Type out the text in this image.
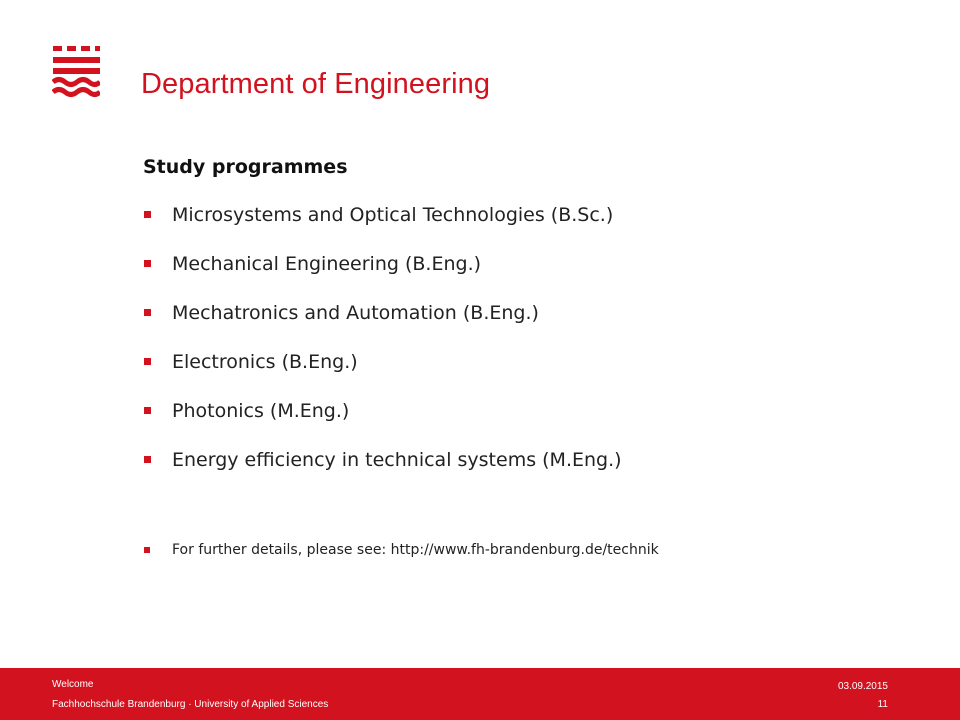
Department of Engineering
Study programmes
Microsystems and Optical Technologies (B.Sc.)
Mechanical Engineering (B.Eng.)
Mechatronics and Automation (B.Eng.)
Electronics (B.Eng.)
Photonics (M.Eng.)
Energy efficiency in technical systems (M.Eng.)
For further details, please see: http://www.fh-brandenburg.de/technik
Welcome
Fachhochschule Brandenburg · University of Applied Sciences
03.09.2015
11
